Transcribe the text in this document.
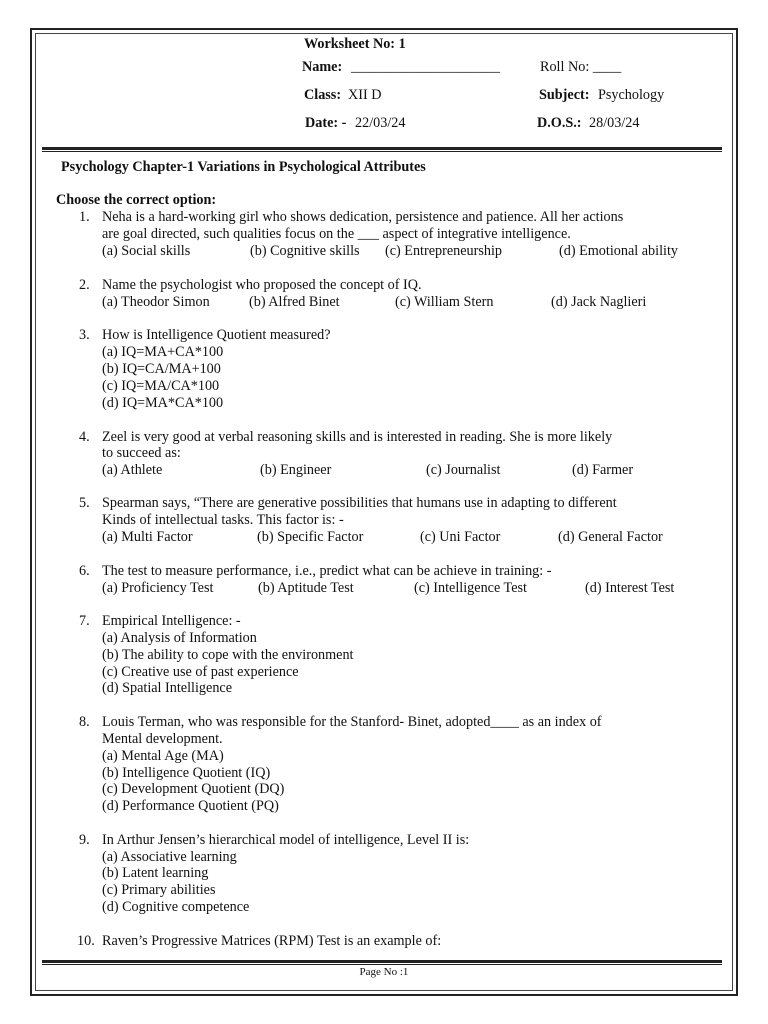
Worksheet No: 1
Name: _____________________	Roll No: ____
Class: XII D	Subject: Psychology
Date: - 22/03/24	D.O.S.: 28/03/24
Psychology Chapter-1 Variations in Psychological Attributes
Choose the correct option:
1. Neha is a hard-working girl who shows dedication, persistence and patience. All her actions
are goal directed, such qualities focus on the ___ aspect of integrative intelligence.
(a) Social skills	(b) Cognitive skills (c) Entrepreneurship	(d) Emotional ability
2. Name the psychologist who proposed the concept of IQ.
(a) Theodor Simon	(b) Alfred Binet	(c) William Stern	(d) Jack Naglieri
3. How is Intelligence Quotient measured?
(a) IQ=MA+CA*100
(b) IQ=CA/MA+100
(c) IQ=MA/CA*100
(d) IQ=MA*CA*100
4. Zeel is very good at verbal reasoning skills and is interested in reading. She is more likely
to succeed as:
(a) Athlete	(b) Engineer	(c) Journalist	(d) Farmer
5. Spearman says, “There are generative possibilities that humans use in adapting to different
Kinds of intellectual tasks. This factor is: -
(a) Multi Factor	(b) Specific Factor	(c) Uni Factor	(d) General Factor
6. The test to measure performance, i.e., predict what can be achieve in training: -
(a) Proficiency Test	(b) Aptitude Test	(c) Intelligence Test	(d) Interest Test
7. Empirical Intelligence: -
(a) Analysis of Information
(b) The ability to cope with the environment
(c) Creative use of past experience
(d) Spatial Intelligence
8. Louis Terman, who was responsible for the Stanford- Binet, adopted____ as an index of
Mental development.
(a) Mental Age (MA)
(b) Intelligence Quotient (IQ)
(c) Development Quotient (DQ)
(d) Performance Quotient (PQ)
9. In Arthur Jensen’s hierarchical model of intelligence, Level II is:
(a) Associative learning
(b) Latent learning
(c) Primary abilities
(d) Cognitive competence
10. Raven’s Progressive Matrices (RPM) Test is an example of:
Page No :1
